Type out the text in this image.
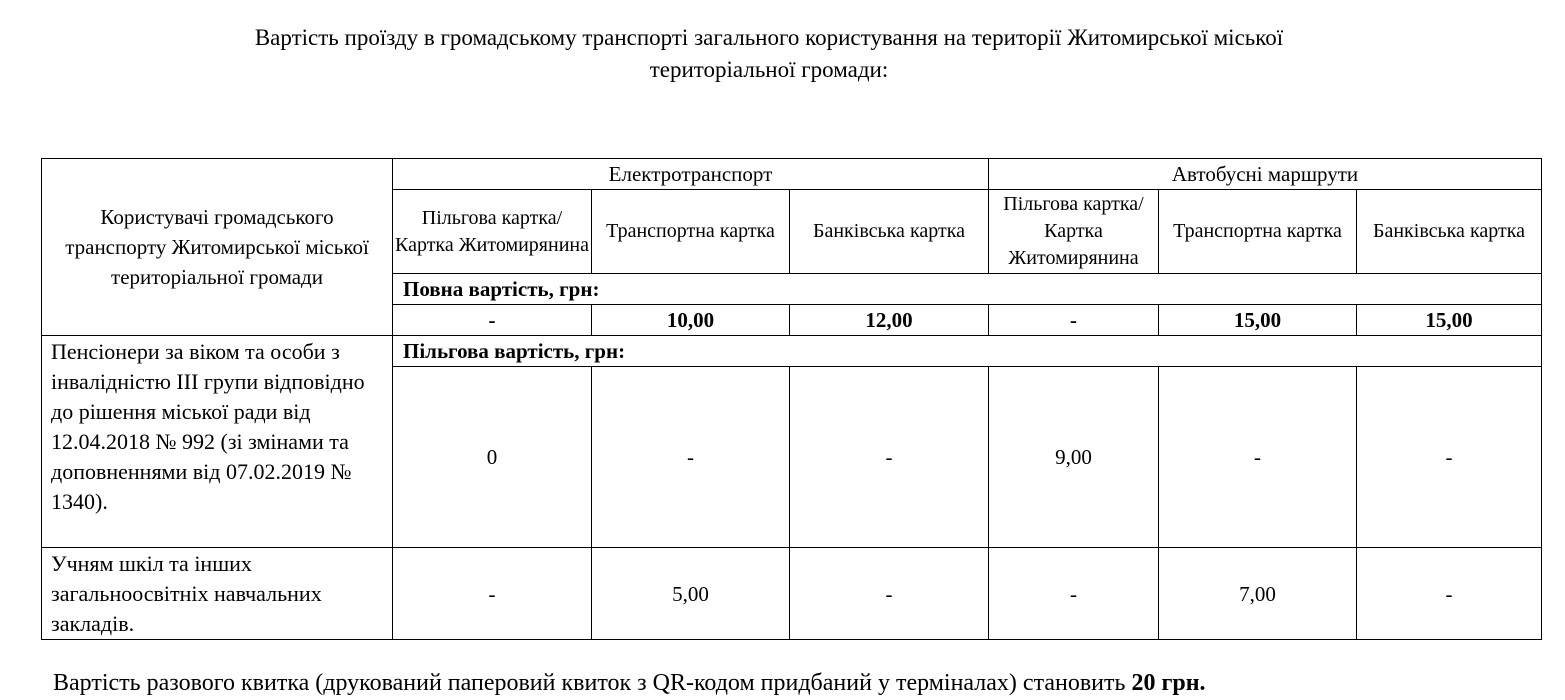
Вартість проїзду в громадському транспорті загального користування на території Житомирської міської
територіальної громади:
Користувачі громадського транспорту Житомирської міської територіальної громади	Електротранспорт			Автобусні маршрути		
	Пільгова картка/Картка Житомирянина	Транспортна картка	Банківська картка	Пільгова картка/Картка Житомирянина	Транспортна картка	Банківська картка
	Повна вартість, грн:					
	-	10,00	12,00	-	15,00	15,00
Пенсіонери за віком та особи з інвалідністю ІІІ групи відповідно до рішення міської ради від 12.04.2018 № 992 (зі змінами та доповненнями від 07.02.2019 № 1340).	Пільгова вартість, грн:					
	0	-	-	9,00	-	-
Учням шкіл та інших загальноосвітніх навчальних закладів.	-	5,00	-	-	7,00	-
Вартість разового квитка (друкований паперовий квиток з QR-кодом придбаний у терміналах) становить 20 грн.
